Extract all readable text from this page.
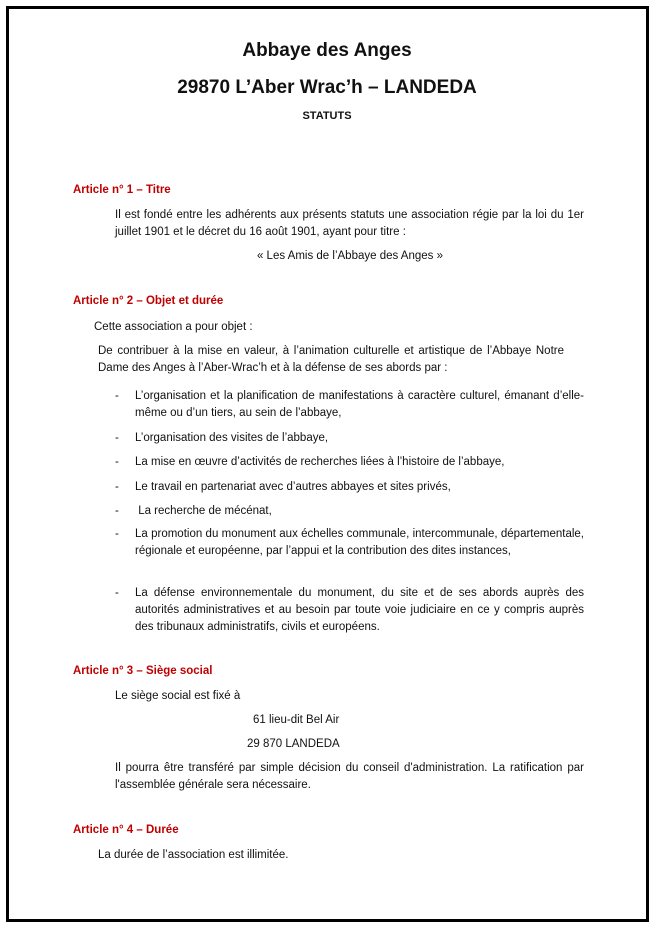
Abbaye des Anges
29870 L’Aber Wrac’h – LANDEDA
STATUTS
Article n° 1 – Titre
Il est fondé entre les adhérents aux présents statuts une association régie par la loi du 1er juillet 1901 et le décret du 16 août 1901, ayant pour titre :
« Les Amis de l’Abbaye des Anges »
Article n° 2 – Objet et durée
Cette association a pour objet :
De contribuer à la mise en valeur, à l’animation culturelle et artistique de l’Abbaye Notre Dame des Anges à l’Aber-Wrac’h et à la défense de ses abords par :
- L’organisation et la planification de manifestations à caractère culturel, émanant d’elle-même ou d’un tiers, au sein de l’abbaye,
- L’organisation des visites de l’abbaye,
- La mise en œuvre d’activités de recherches liées à l’histoire de l’abbaye,
- Le travail en partenariat avec d’autres abbayes et sites privés,
- La recherche de mécénat,
- La promotion du monument aux échelles communale, intercommunale, départementale, régionale et européenne, par l’appui et la contribution des dites instances,
- La défense environnementale du monument, du site et de ses abords auprès des autorités administratives et au besoin par toute voie judiciaire en ce y compris auprès des tribunaux administratifs, civils et européens.
Article n° 3 – Siège social
Le siège social est fixé à
61 lieu-dit Bel Air
29 870 LANDEDA
Il pourra être transféré par simple décision du conseil d'administration. La ratification par l'assemblée générale sera nécessaire.
Article n° 4 – Durée
La durée de l’association est illimitée.
